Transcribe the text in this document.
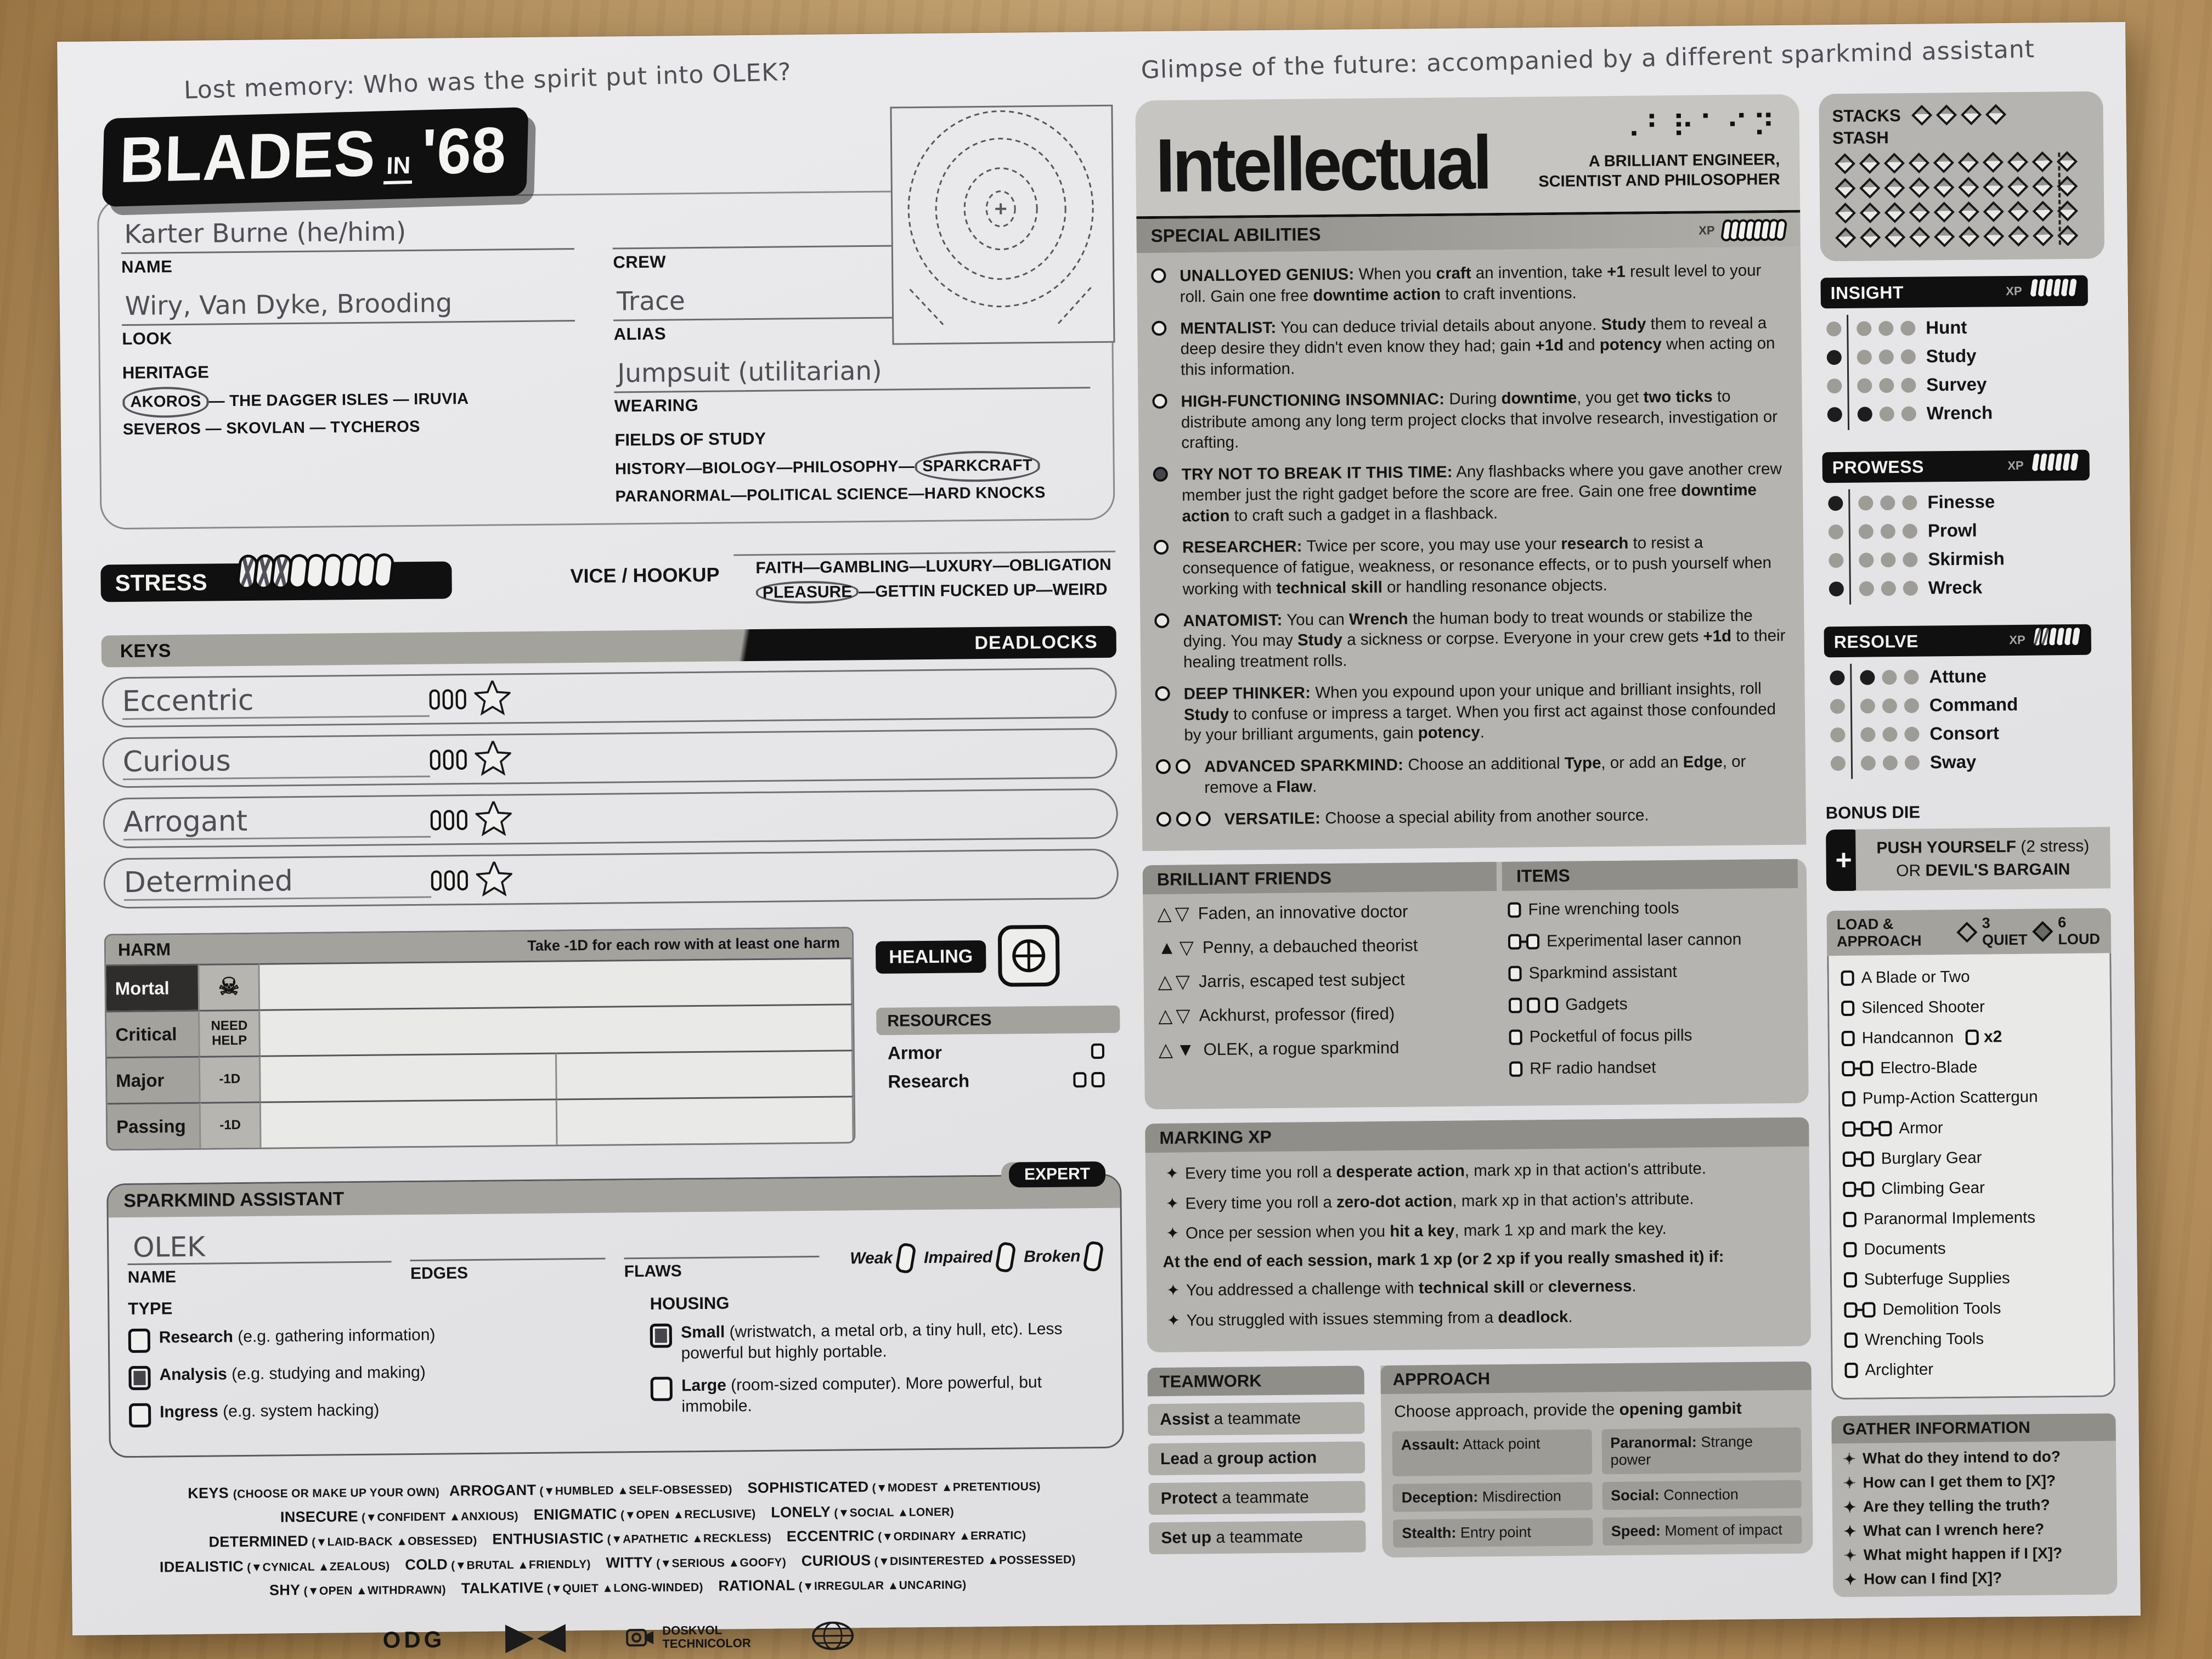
Lost memory: Who was the spirit put into OLEK?	Glimpse of the future: accompanied by a different sparkmind assistant
BLADES IN '68
Karter Burne (he/him)
NAME
Wiry, Van Dyke, Brooding
LOOK
HERITAGE
AKOROS — THE DAGGER ISLES — IRUVIA
SEVEROS — SKOVLAN — TYCHEROS
CREW
Trace
ALIAS
Jumpsuit (utilitarian)
WEARING
FIELDS OF STUDY
HISTORY—BIOLOGY—PHILOSOPHY— SPARKCRAFT
PARANORMAL—POLITICAL SCIENCE—HARD KNOCKS
STRESS	VICE / HOOKUP	FAITH—GAMBLING—LUXURY—OBLIGATION
PLEASURE —GETTIN FUCKED UP—WEIRD
KEYS	DEADLOCKS
Eccentric
Curious
Arrogant
Determined
HARM	Take -1D for each row with at least one harm
Mortal	☠
Critical	NEED HELP
Major	-1D
Passing	-1D
HEALING
RESOURCES
Armor
Research
EXPERT
SPARKMIND ASSISTANT
OLEK
NAME	EDGES	FLAWS
Weak Impaired Broken
TYPE

Research (e.g. gathering information)

Analysis (e.g. studying and making)

Ingress (e.g. system hacking)

HOUSING

Small (wristwatch, a metal orb, a tiny hull, etc). Less powerful but highly portable.

Large (room-sized computer). More powerful, but immobile.

KEYS (CHOOSE OR MAKE UP YOUR OWN) ARROGANT (▼HUMBLED ▲SELF-OBSESSED) SOPHISTICATED (▼MODEST ▲PRETENTIOUS) INSECURE (▼CONFIDENT ▲ANXIOUS) ENIGMATIC (▼OPEN ▲RECLUSIVE) LONELY (▼SOCIAL ▲LONER) DETERMINED (▼LAID-BACK ▲OBSESSED) ENTHUSIASTIC (▼APATHETIC ▲RECKLESS) ECCENTRIC (▼ORDINARY ▲ERRATIC) IDEALISTIC (▼CYNICAL ▲ZEALOUS) COLD (▼BRUTAL ▲FRIENDLY) WITTY (▼SERIOUS ▲GOOFY) CURIOUS (▼DISINTERESTED ▲POSSESSED) SHY (▼OPEN ▲WITHDRAWN) TALKATIVE (▼QUIET ▲LONG-WINDED) RATIONAL (▼IRREGULAR ▲UNCARING)
ODG	DOSKVOL
TECHNICOLOR
Intellectual	⠠⠃⠗⠁⠊⠝
A BRILLIANT ENGINEER,
SCIENTIST AND PHILOSOPHER
SPECIAL ABILITIES	XP

UNALLOYED GENIUS: When you craft an invention, take +1 result level to your roll. Gain one free downtime action to craft inventions.

MENTALIST: You can deduce trivial details about anyone. Study them to reveal a deep desire they didn't even know they had; gain +1d and potency when acting on this information.

HIGH-FUNCTIONING INSOMNIAC: During downtime, you get two ticks to distribute among any long term project clocks that involve research, investigation or crafting.

TRY NOT TO BREAK IT THIS TIME: Any flashbacks where you gave another crew member just the right gadget before the score are free. Gain one free downtime action to craft such a gadget in a flashback.

RESEARCHER: Twice per score, you may use your research to resist a consequence of fatigue, weakness, or resonance effects, or to push yourself when working with technical skill or handling resonance objects.

ANATOMIST: You can Wrench the human body to treat wounds or stabilize the dying. You may Study a sickness or corpse. Everyone in your crew gets +1d to their healing treatment rolls.

DEEP THINKER: When you expound upon your unique and brilliant insights, roll Study to confuse or impress a target. When you first act against those confounded by your brilliant arguments, gain potency.

ADVANCED SPARKMIND: Choose an additional Type, or add an Edge, or remove a Flaw.

VERSATILE: Choose a special ability from another source.

BRILLIANT FRIENDS
△
▽
Faden, an innovative doctor
▲
▽
Penny, a debauched theorist
△
▽
Jarris, escaped test subject
△
▽
Ackhurst, professor (fired)
△
▼
OLEK, a rogue sparkmind
ITEMS
Fine wrenching tools
Experimental laser cannon
Sparkmind assistant
Gadgets
Pocketful of focus pills
RF radio handset
MARKING XP

✦ Every time you roll a desperate action, mark xp in that action's attribute.

✦ Every time you roll a zero-dot action, mark xp in that action's attribute.

✦ Once per session when you hit a key, mark 1 xp and mark the key.

At the end of each session, mark 1 xp (or 2 xp if you really smashed it) if:

✦ You addressed a challenge with technical skill or cleverness.

✦ You struggled with issues stemming from a deadlock.

TEAMWORK
Assist a teammate
Lead a group action
Protect a teammate
Set up a teammate
APPROACH

Choose approach, provide the opening gambit

Assault: Attack point	Paranormal: Strange power
Deception: Misdirection	Social: Connection
Stealth: Entry point	Speed: Moment of impact
STACKS
STASH
INSIGHT	XP
Hunt
Study
Survey
Wrench
PROWESS	XP
Finesse
Prowl
Skirmish
Wreck
RESOLVE	XP
Attune
Command
Consort
Sway
BONUS DIE
+	PUSH YOURSELF (2 stress)
OR DEVIL'S BARGAIN
LOAD & APPROACH
3 QUIET
6 LOUD
A Blade or Two
Silenced Shooter
Handcannon x2
Electro-Blade
Pump-Action Scattergun
Armor
Burglary Gear
Climbing Gear
Paranormal Implements
Documents
Subterfuge Supplies
Demolition Tools
Wrenching Tools
Arclighter
GATHER INFORMATION
✦ What do they intend to do?
✦ How can I get them to [X]?
✦ Are they telling the truth?
✦ What can I wrench here?
✦ What might happen if I [X]?
✦ How can I find [X]?
